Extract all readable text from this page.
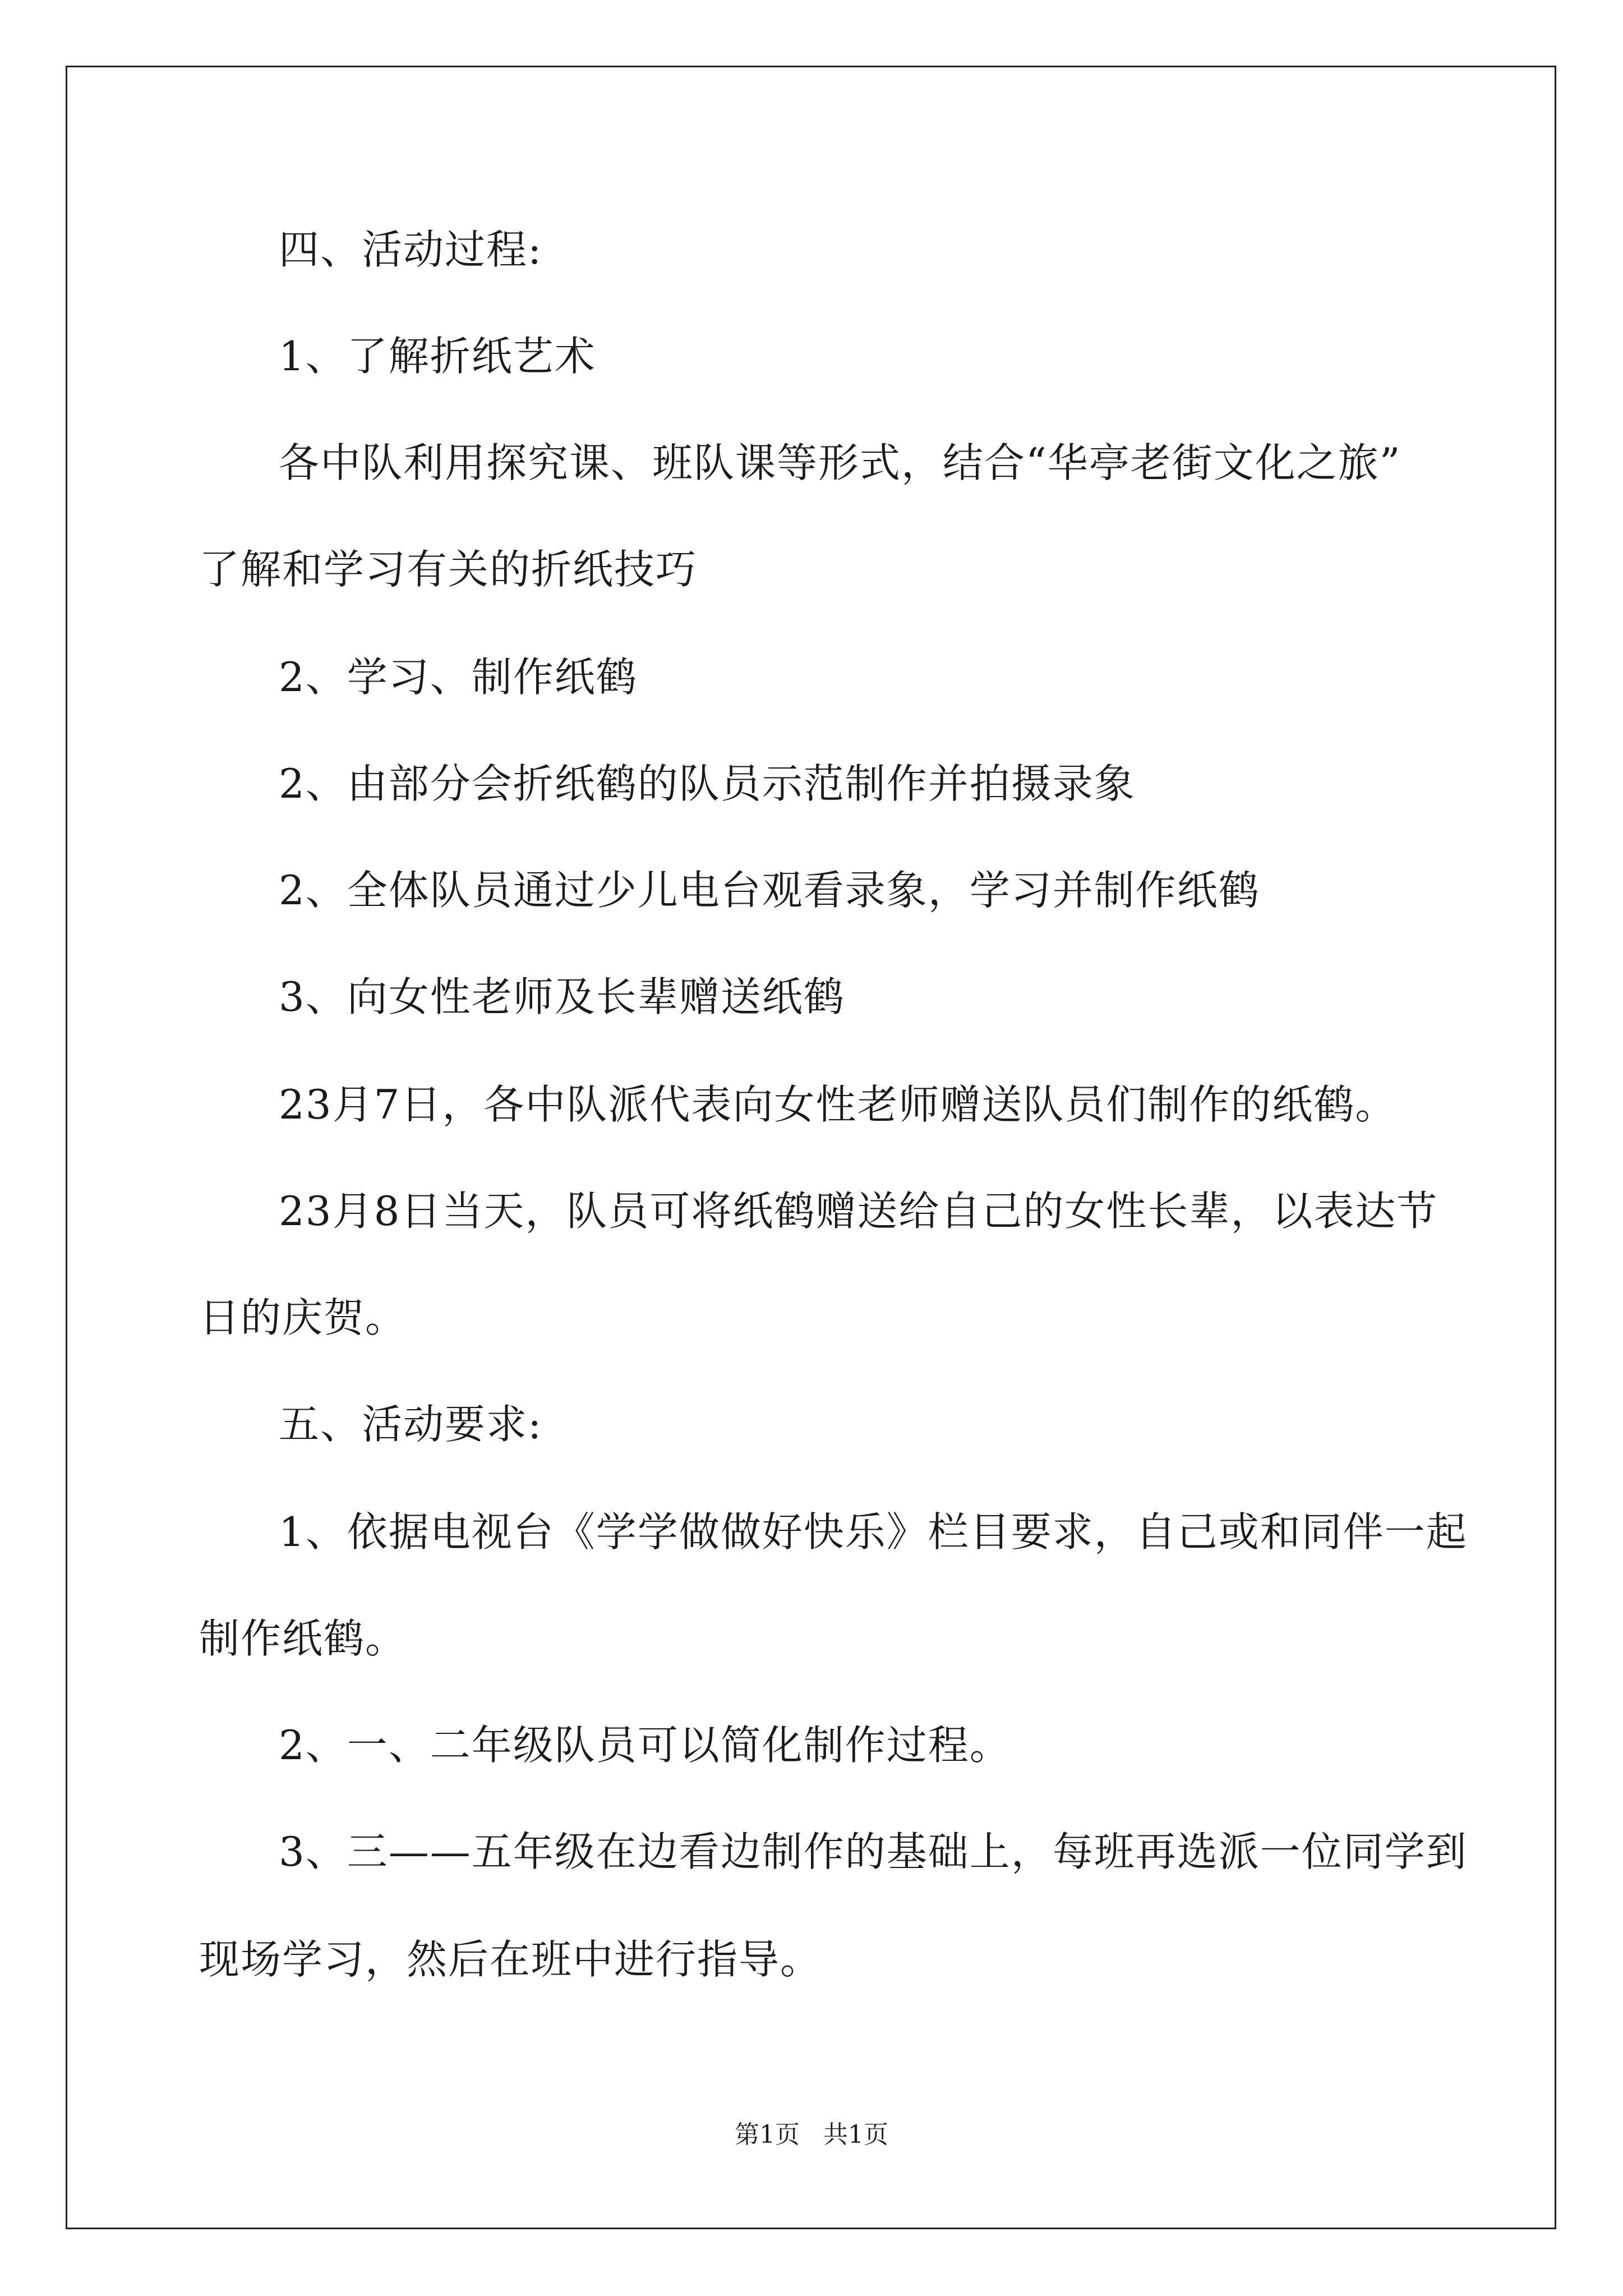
四、活动过程:
1、了解折纸艺术
各中队利用探究课、班队课等形式，结合“华亭老街文化之旅”
了解和学习有关的折纸技巧
2、学习、制作纸鹤
2、由部分会折纸鹤的队员示范制作并拍摄录象
2、全体队员通过少儿电台观看录象，学习并制作纸鹤
3、向女性老师及长辈赠送纸鹤
23月7日，各中队派代表向女性老师赠送队员们制作的纸鹤。
23月8日当天，队员可将纸鹤赠送给自己的女性长辈，以表达节
日的庆贺。
五、活动要求:
1、依据电视台《学学做做好快乐》栏目要求，自己或和同伴一起
制作纸鹤。
2、一、二年级队员可以简化制作过程。
3、三——五年级在边看边制作的基础上，每班再选派一位同学到
现场学习，然后在班中进行指导。
第1页   共1页
